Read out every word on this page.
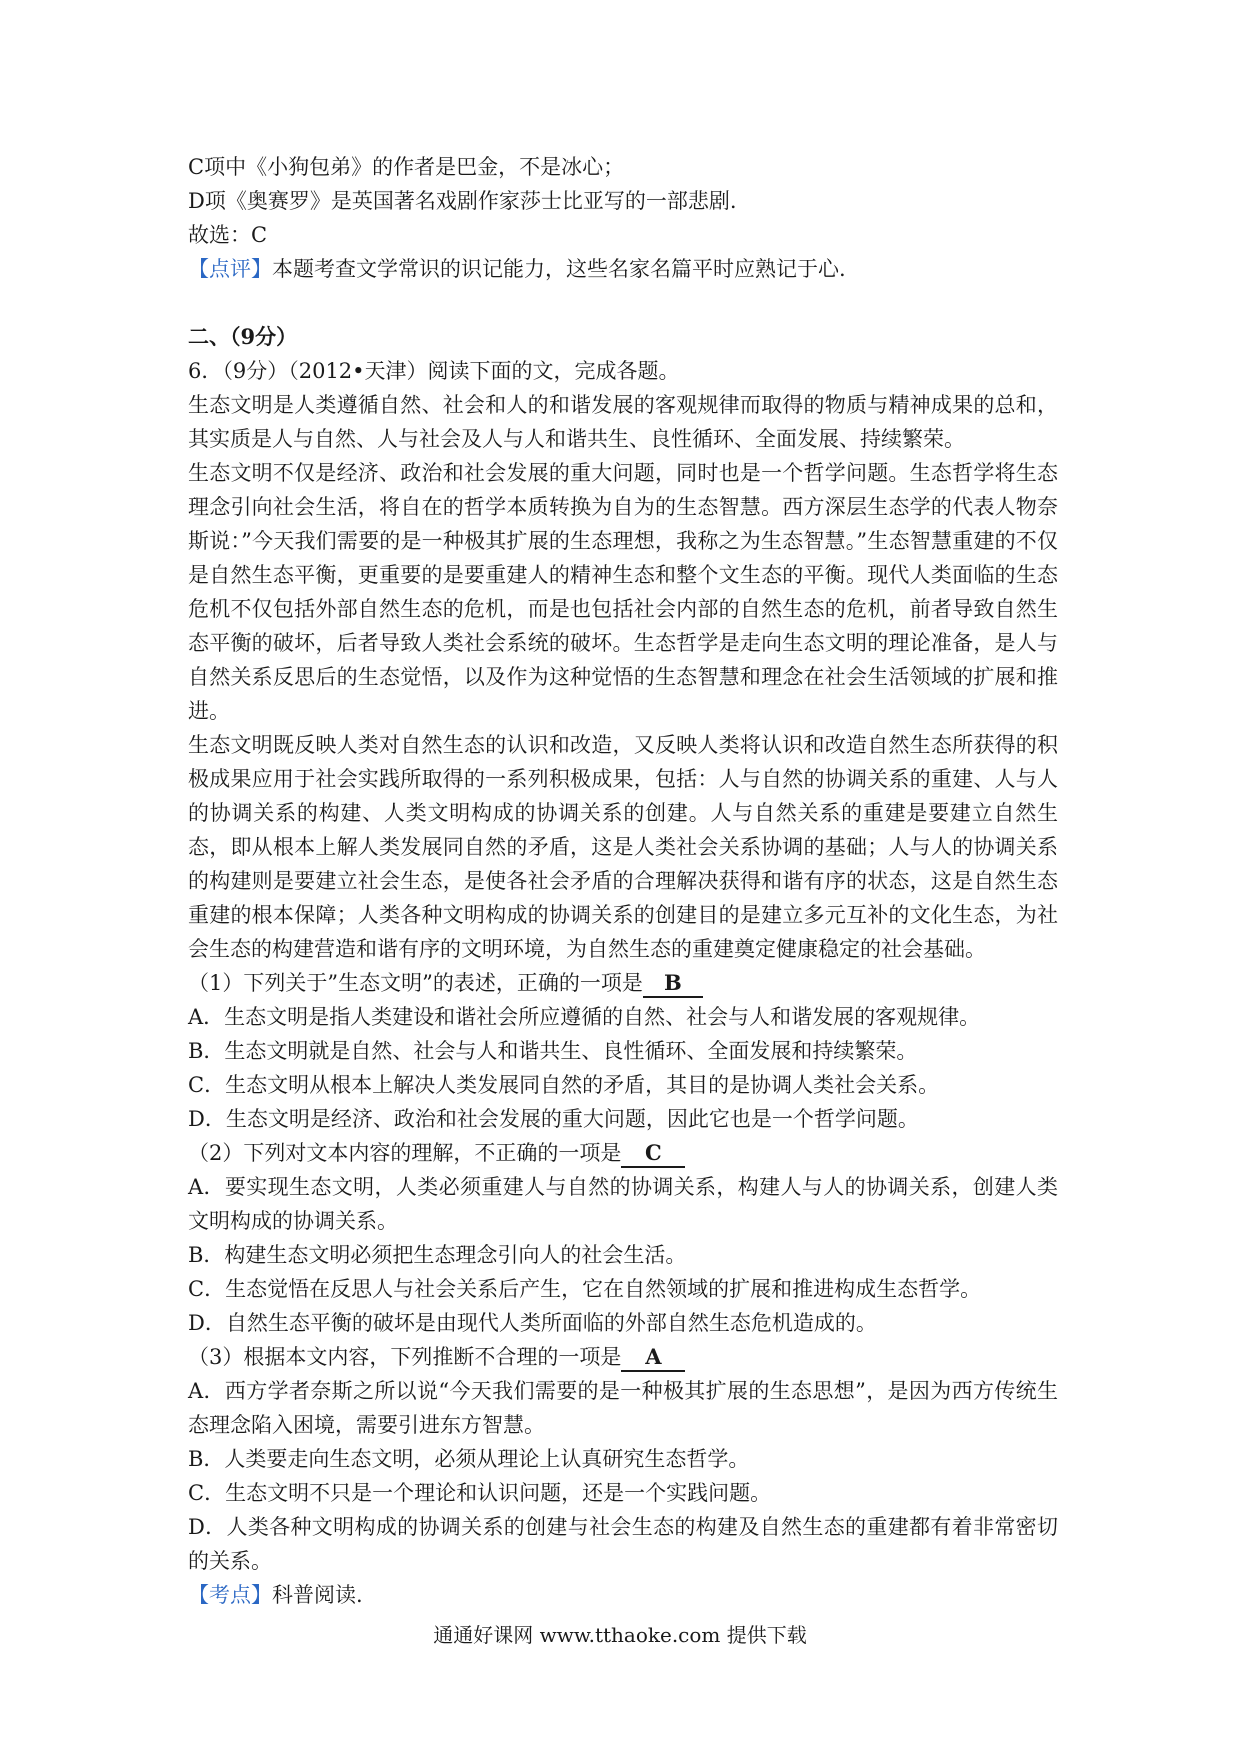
C项中《小狗包弟》的作者是巴金，不是冰心；
D项《奥赛罗》是英国著名戏剧作家莎士比亚写的一部悲剧.
故选：C
【点评】本题考查文学常识的识记能力，这些名家名篇平时应熟记于心.
二、（9分）
6．（9分）（2012•天津）阅读下面的文，完成各题。
生态文明是人类遵循自然、社会和人的和谐发展的客观规律而取得的物质与精神成果的总和，其实质是人与自然、人与社会及人与人和谐共生、良性循环、全面发展、持续繁荣。
生态文明不仅是经济、政治和社会发展的重大问题，同时也是一个哲学问题。生态哲学将生态理念引向社会生活，将自在的哲学本质转换为自为的生态智慧。西方深层生态学的代表人物奈斯说：”今天我们需要的是一种极其扩展的生态理想，我称之为生态智慧。”生态智慧重建的不仅是自然生态平衡，更重要的是要重建人的精神生态和整个文生态的平衡。现代人类面临的生态危机不仅包括外部自然生态的危机，而是也包括社会内部的自然生态的危机，前者导致自然生态平衡的破坏，后者导致人类社会系统的破坏。生态哲学是走向生态文明的理论准备，是人与自然关系反思后的生态觉悟，以及作为这种觉悟的生态智慧和理念在社会生活领域的扩展和推进。
生态文明既反映人类对自然生态的认识和改造，又反映人类将认识和改造自然生态所获得的积极成果应用于社会实践所取得的一系列积极成果，包括：人与自然的协调关系的重建、人与人的协调关系的构建、人类文明构成的协调关系的创建。人与自然关系的重建是要建立自然生态，即从根本上解人类发展同自然的矛盾，这是人类社会关系协调的基础；人与人的协调关系的构建则是要建立社会生态，是使各社会矛盾的合理解决获得和谐有序的状态，这是自然生态重建的根本保障；人类各种文明构成的协调关系的创建目的是建立多元互补的文化生态，为社会生态的构建营造和谐有序的文明环境，为自然生态的重建奠定健康稳定的社会基础。
（1）下列关于”生态文明”的表述，正确的一项是 B
A．生态文明是指人类建设和谐社会所应遵循的自然、社会与人和谐发展的客观规律。
B．生态文明就是自然、社会与人和谐共生、良性循环、全面发展和持续繁荣。
C．生态文明从根本上解决人类发展同自然的矛盾，其目的是协调人类社会关系。
D．生态文明是经济、政治和社会发展的重大问题，因此它也是一个哲学问题。
（2）下列对文本内容的理解，不正确的一项是 C
A．要实现生态文明，人类必须重建人与自然的协调关系，构建人与人的协调关系，创建人类文明构成的协调关系。
B．构建生态文明必须把生态理念引向人的社会生活。
C．生态觉悟在反思人与社会关系后产生，它在自然领域的扩展和推进构成生态哲学。
D．自然生态平衡的破坏是由现代人类所面临的外部自然生态危机造成的。
（3）根据本文内容，下列推断不合理的一项是 A
A．西方学者奈斯之所以说“今天我们需要的是一种极其扩展的生态思想”，是因为西方传统生态理念陷入困境，需要引进东方智慧。
B．人类要走向生态文明，必须从理论上认真研究生态哲学。
C．生态文明不只是一个理论和认识问题，还是一个实践问题。
D．人类各种文明构成的协调关系的创建与社会生态的构建及自然生态的重建都有着非常密切的关系。
【考点】科普阅读.
通通好课网 www.tthaoke.com 提供下载
